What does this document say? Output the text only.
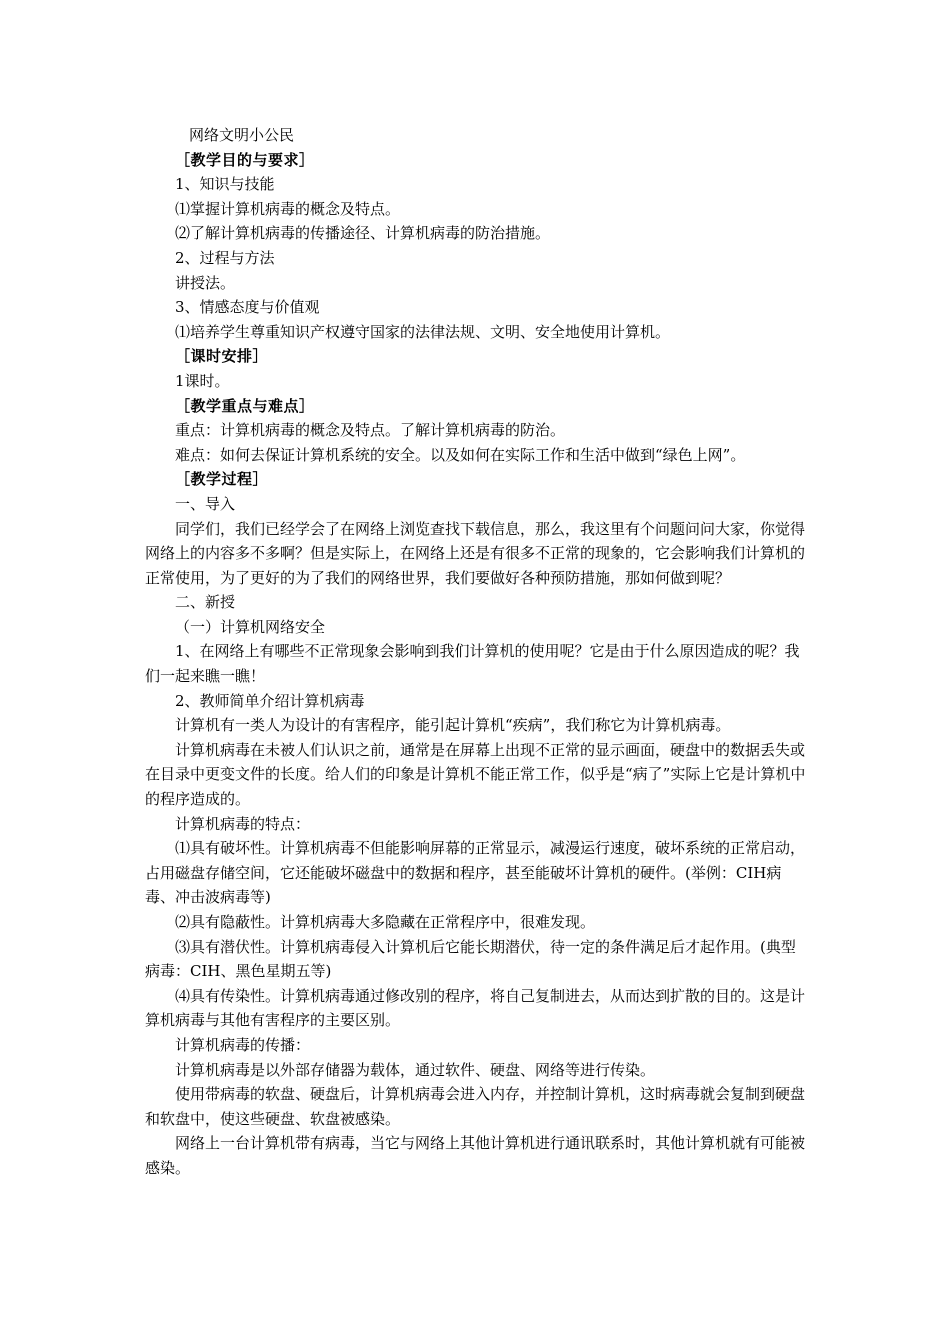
网络文明小公民

［教学目的与要求］

1、知识与技能

⑴掌握计算机病毒的概念及特点。

⑵了解计算机病毒的传播途径、计算机病毒的防治措施。

2、过程与方法

讲授法。

3、情感态度与价值观

⑴培养学生尊重知识产权遵守国家的法律法规、文明、安全地使用计算机。

［课时安排］

1课时。

［教学重点与难点］

重点：计算机病毒的概念及特点。了解计算机病毒的防治。

难点：如何去保证计算机系统的安全。以及如何在实际工作和生活中做到“绿色上网”。

［教学过程］

一、导入

同学们，我们已经学会了在网络上浏览查找下载信息，那么，我这里有个问题问问大家，你觉得网络上的内容多不多啊？但是实际上，在网络上还是有很多不正常的现象的，它会影响我们计算机的正常使用，为了更好的为了我们的网络世界，我们要做好各种预防措施，那如何做到呢？

二、新授

（一）计算机网络安全

1、在网络上有哪些不正常现象会影响到我们计算机的使用呢？它是由于什么原因造成的呢？我们一起来瞧一瞧！

2、教师简单介绍计算机病毒

计算机有一类人为设计的有害程序，能引起计算机“疾病”，我们称它为计算机病毒。

计算机病毒在未被人们认识之前，通常是在屏幕上出现不正常的显示画面，硬盘中的数据丢失或在目录中更变文件的长度。给人们的印象是计算机不能正常工作，似乎是“病了”实际上它是计算机中的程序造成的。

计算机病毒的特点：

⑴具有破坏性。计算机病毒不但能影响屏幕的正常显示，减漫运行速度，破坏系统的正常启动，占用磁盘存储空间，它还能破坏磁盘中的数据和程序，甚至能破坏计算机的硬件。(举例：CIH病毒、冲击波病毒等)

⑵具有隐蔽性。计算机病毒大多隐藏在正常程序中，很难发现。

⑶具有潜伏性。计算机病毒侵入计算机后它能长期潜伏，待一定的条件满足后才起作用。(典型病毒：CIH、黑色星期五等)

⑷具有传染性。计算机病毒通过修改别的程序，将自己复制进去，从而达到扩散的目的。这是计算机病毒与其他有害程序的主要区别。

计算机病毒的传播：

计算机病毒是以外部存储器为载体，通过软件、硬盘、网络等进行传染。

使用带病毒的软盘、硬盘后，计算机病毒会进入内存，并控制计算机，这时病毒就会复制到硬盘和软盘中，使这些硬盘、软盘被感染。

网络上一台计算机带有病毒，当它与网络上其他计算机进行通讯联系时，其他计算机就有可能被感染。
